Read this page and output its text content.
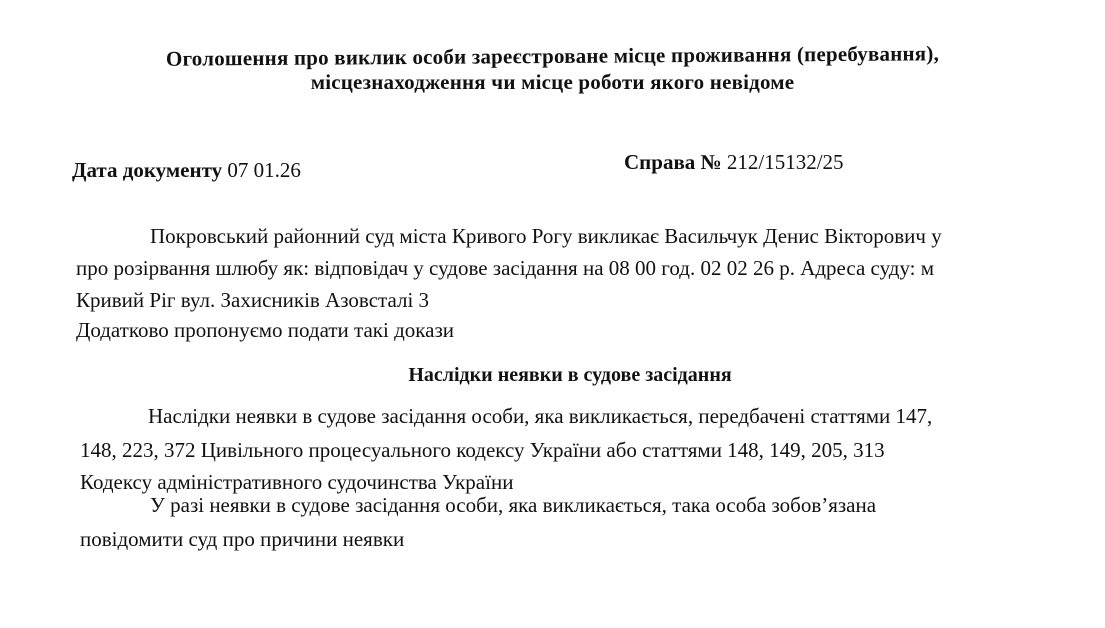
Оголошення про виклик особи зареєстроване місце проживання (перебування),
місцезнаходження чи місце роботи якого невідоме
Дата документу 07 01.26	Справа № 212/15132/25
Покровський районний суд міста Кривого Рогу викликає Васильчук Денис Вікторович у
про розірвання шлюбу як: відповідач у судове засідання на 08 00 год. 02 02 26 р. Адреса суду: м
Кривий Ріг вул. Захисників Азовсталі 3
Додатково пропонуємо подати такі докази
Наслідки неявки в судове засідання
Наслідки неявки в судове засідання особи, яка викликається, передбачені статтями 147,
148, 223, 372 Цивільного процесуального кодексу України або статтями 148, 149, 205, 313
Кодексу адміністративного судочинства України
У разі неявки в судове засідання особи, яка викликається, така особа зобов’язана
повідомити суд про причини неявки
